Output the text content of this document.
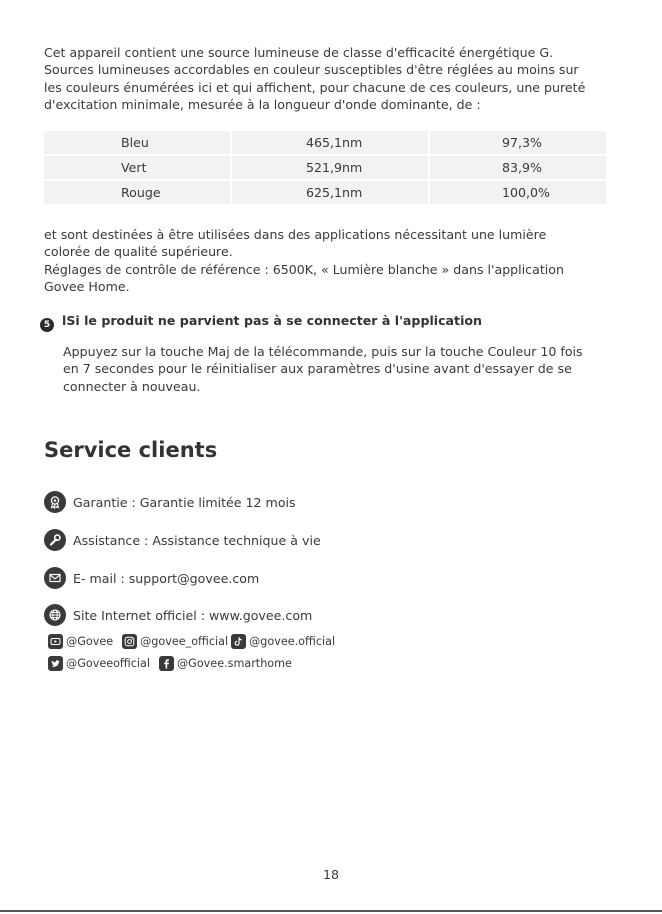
Cet appareil contient une source lumineuse de classe d'efficacité énergétique G.
Sources lumineuses accordables en couleur susceptibles d'être réglées au moins sur
les couleurs énumérées ici et qui affichent, pour chacune de ces couleurs, une pureté
d'excitation minimale, mesurée à la longueur d'onde dominante, de :

Bleu	465,1nm	97,3%
Vert	521,9nm	83,9%
Rouge	625,1nm	100,0%

et sont destinées à être utilisées dans des applications nécessitant une lumière
colorée de qualité supérieure.
Réglages de contrôle de référence : 6500K, « Lumière blanche » dans l'application
Govee Home.

5 lSi le produit ne parvient pas à se connecter à l'application

Appuyez sur la touche Maj de la télécommande, puis sur la touche Couleur 10 fois
en 7 secondes pour le réinitialiser aux paramètres d'usine avant d'essayer de se
connecter à nouveau.

Service clients
Garantie : Garantie limitée 12 mois
Assistance : Assistance technique à vie
E- mail : support@govee.com
Site Internet officiel : www.govee.com
@Govee @govee_official @govee.official
@Goveeofficial @Govee.smarthome
18
